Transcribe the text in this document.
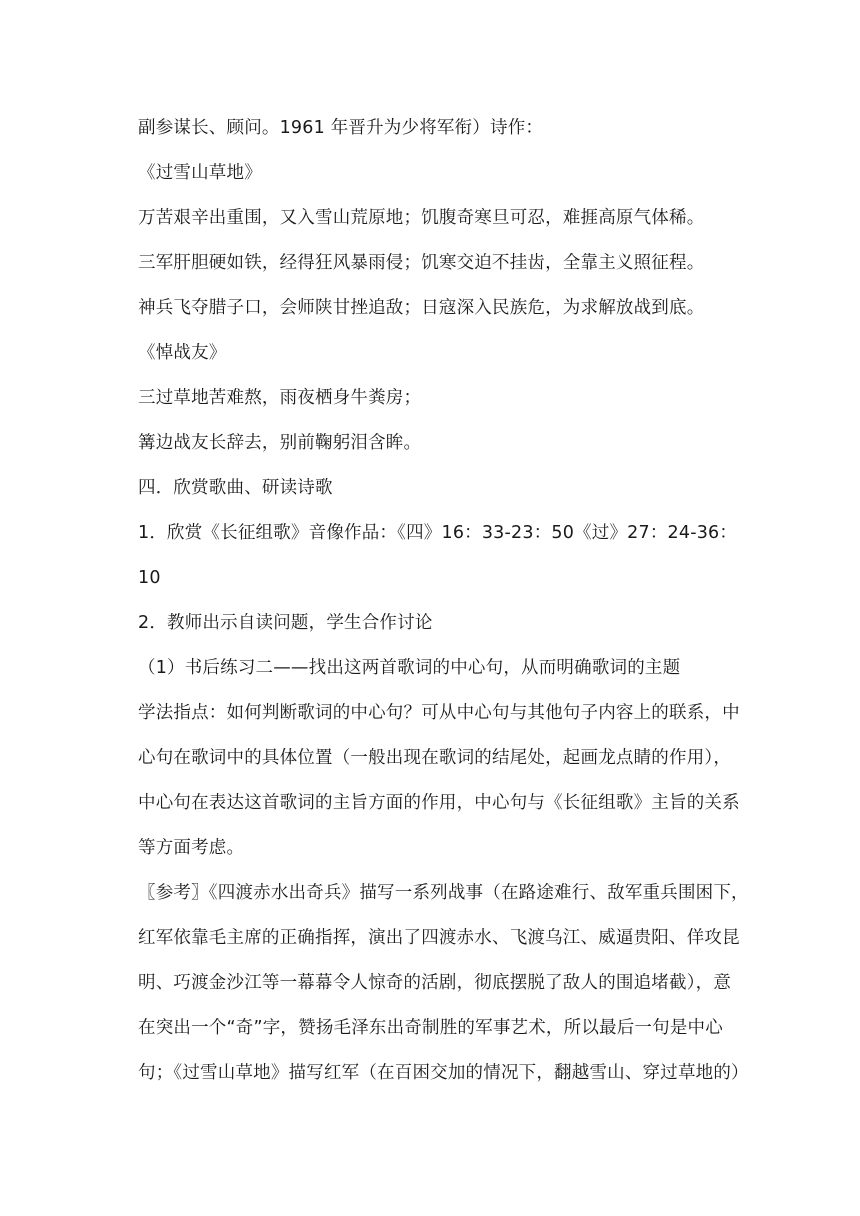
副参谋长、顾问。1961 年晋升为少将军衔）诗作：
《过雪山草地》
万苦艰辛出重围，又入雪山荒原地；饥腹奇寒旦可忍，难捱高原气体稀。
三军肝胆硬如铁，经得狂风暴雨侵；饥寒交迫不挂齿，全靠主义照征程。
神兵飞夺腊子口，会师陕甘挫追敌；日寇深入民族危，为求解放战到底。
《悼战友》
三过草地苦难熬，雨夜栖身牛粪房；
篝边战友长辞去，别前鞠躬泪含眸。
四．欣赏歌曲、研读诗歌
1．欣赏《长征组歌》音像作品：《四》16：33-23：50《过》27：24-36：
10
2．教师出示自读问题，学生合作讨论
（1）书后练习二——找出这两首歌词的中心句，从而明确歌词的主题
学法指点：如何判断歌词的中心句？可从中心句与其他句子内容上的联系，中
心句在歌词中的具体位置（一般出现在歌词的结尾处，起画龙点睛的作用），
中心句在表达这首歌词的主旨方面的作用，中心句与《长征组歌》主旨的关系
等方面考虑。
〖参考〗《四渡赤水出奇兵》描写一系列战事（在路途难行、敌军重兵围困下，
红军依靠毛主席的正确指挥，演出了四渡赤水、飞渡乌江、威逼贵阳、佯攻昆
明、巧渡金沙江等一幕幕令人惊奇的活剧，彻底摆脱了敌人的围追堵截），意
在突出一个“奇”字，赞扬毛泽东出奇制胜的军事艺术，所以最后一句是中心
句；《过雪山草地》描写红军（在百困交加的情况下，翻越雪山、穿过草地的）
